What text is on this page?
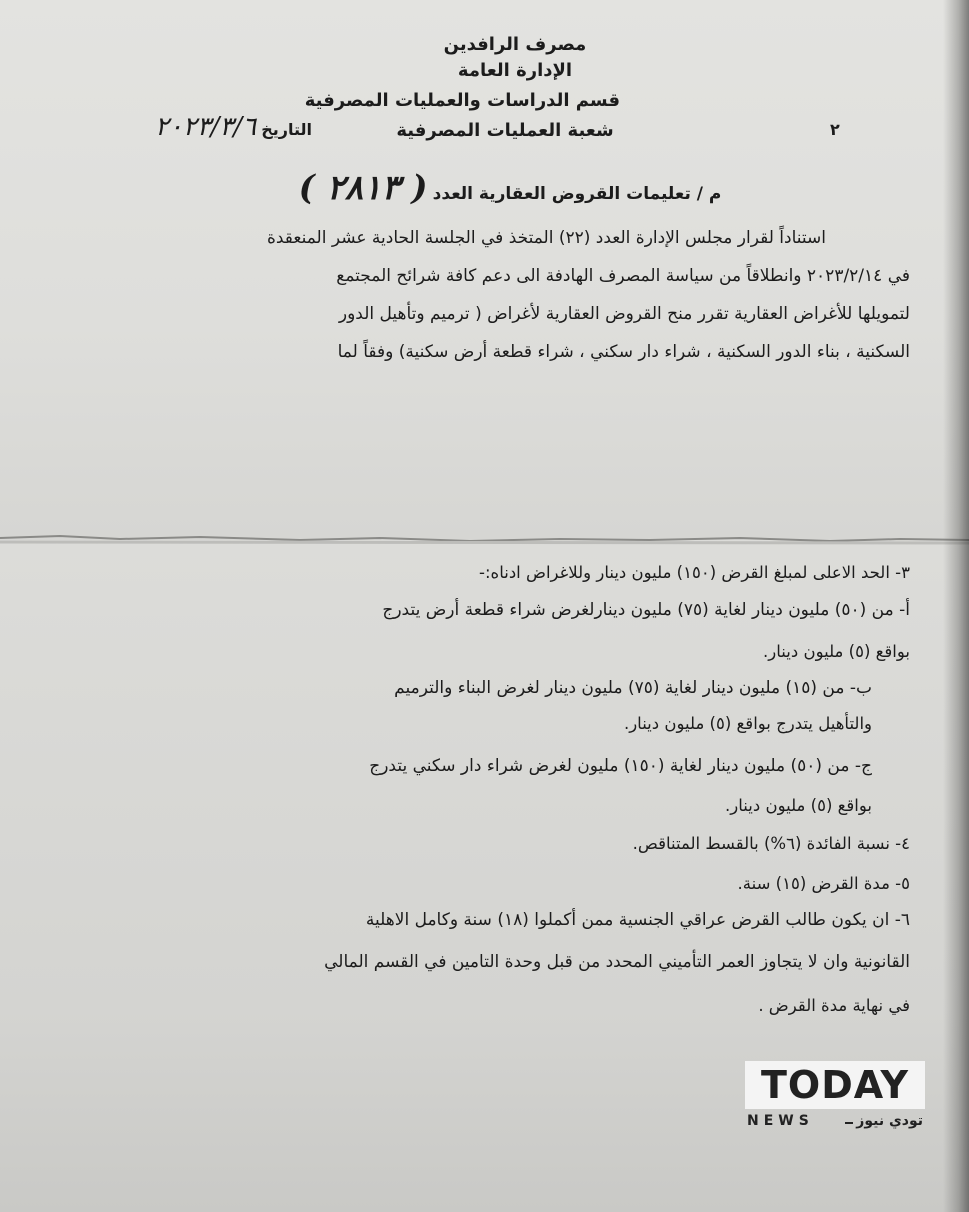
مصرف الرافدين
الإدارة العامة
قسم الدراسات والعمليات المصرفية
شعبة العمليات المصرفية
التاريخ ٢٠٢٣/٣/٦	٢
م / تعليمات القروض العقارية العدد ( ٢٨١٣ )
استناداً لقرار مجلس الإدارة العدد (٢٢) المتخذ في الجلسة الحادية عشر المنعقدة
في ٢٠٢٣/٢/١٤ وانطلاقاً من سياسة المصرف الهادفة الى دعم كافة شرائح المجتمع
لتمويلها للأغراض العقارية تقرر منح القروض العقارية لأغراض ( ترميم وتأهيل الدور
السكنية ، بناء الدور السكنية ، شراء دار سكني ، شراء قطعة أرض سكنية) وفقاً لما
٣- الحد الاعلى لمبلغ القرض (١٥٠) مليون دينار وللاغراض ادناه:-
أ- من (٥٠) مليون دينار لغاية (٧٥) مليون دينارلغرض شراء قطعة أرض يتدرج
بواقع (٥) مليون دينار.
ب- من (١٥) مليون دينار لغاية (٧٥) مليون دينار لغرض البناء والترميم
والتأهيل يتدرج بواقع (٥) مليون دينار.
ج- من (٥٠) مليون دينار لغاية (١٥٠) مليون لغرض شراء دار سكني يتدرج
بواقع (٥) مليون دينار.
٤- نسبة الفائدة (٦%) بالقسط المتناقص.
٥- مدة القرض (١٥) سنة.
٦- ان يكون طالب القرض عراقي الجنسية ممن أكملوا (١٨) سنة وكامل الاهلية
القانونية وان لا يتجاوز العمر التأميني المحدد من قبل وحدة التامين في القسم المالي
في نهاية مدة القرض .
TODAY
NEWS	تودي نيوز
